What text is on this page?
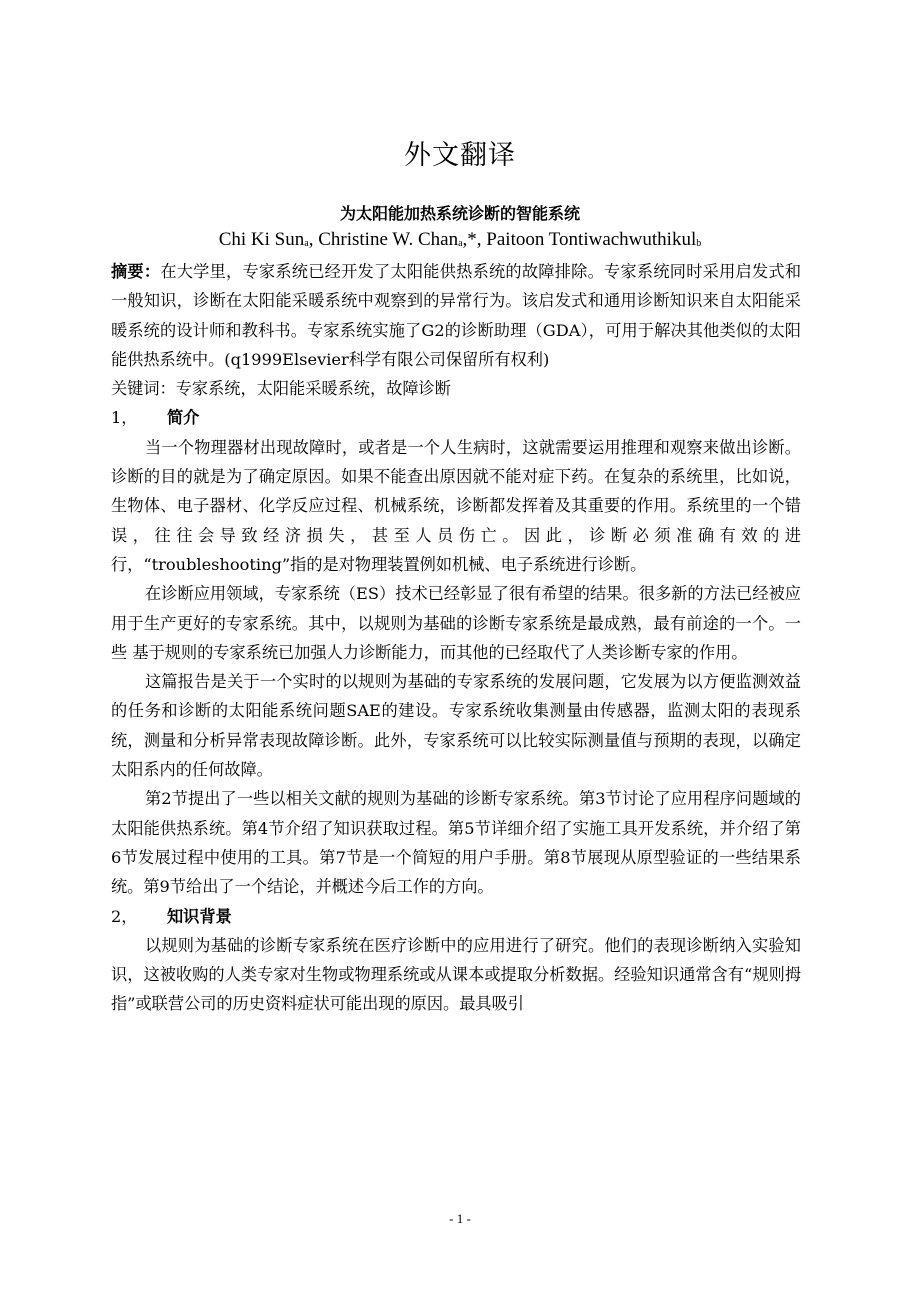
外文翻译
为太阳能加热系统诊断的智能系统
Chi Ki Sun$_a$, Christine W. Chan$_a$,*, Paitoon Tontiwachwuthikul$_b$

摘要：在大学里，专家系统已经开发了太阳能供热系统的故障排除。专家系统同时采用启发式和一般知识，诊断在太阳能采暖系统中观察到的异常行为。该启发式和通用诊断知识来自太阳能采暖系统的设计师和教科书。专家系统实施了G2的诊断助理（GDA），可用于解决其他类似的太阳能供热系统中。(q1999Elsevier科学有限公司保留所有权利)

关键词：专家系统，太阳能采暖系统，故障诊断

1， 简介

当一个物理器材出现故障时，或者是一个人生病时，这就需要运用推理和观察来做出诊断。诊断的目的就是为了确定原因。如果不能查出原因就不能对症下药。在复杂的系统里，比如说，生物体、电子器材、化学反应过程、机械系统，诊断都发挥着及其重要的作用。系统里的一个错误，往往会导致经济损失，甚至人员伤亡。因此，诊断必须准确有效的进行，“troubleshooting”指的是对物理装置例如机械、电子系统进行诊断。

在诊断应用领域，专家系统（ES）技术已经彰显了很有希望的结果。很多新的方法已经被应用于生产更好的专家系统。其中，以规则为基础的诊断专家系统是最成熟，最有前途的一个。一些 基于规则的专家系统已加强人力诊断能力，而其他的已经取代了人类诊断专家的作用。

这篇报告是关于一个实时的以规则为基础的专家系统的发展问题，它发展为以方便监测效益的任务和诊断的太阳能系统问题SAE的建设。专家系统收集测量由传感器，监测太阳的表现系统，测量和分析异常表现故障诊断。此外，专家系统可以比较实际测量值与预期的表现，以确定太阳系内的任何故障。

第2节提出了一些以相关文献的规则为基础的诊断专家系统。第3节讨论了应用程序问题域的太阳能供热系统。第4节介绍了知识获取过程。第5节详细介绍了实施工具开发系统，并介绍了第6节发展过程中使用的工具。第7节是一个简短的用户手册。第8节展现从原型验证的一些结果系统。第9节给出了一个结论，并概述今后工作的方向。

2， 知识背景

以规则为基础的诊断专家系统在医疗诊断中的应用进行了研究。他们的表现诊断纳入实验知识，这被收购的人类专家对生物或物理系统或从课本或提取分析数据。经验知识通常含有“规则拇指”或联营公司的历史资料症状可能出现的原因。最具吸引

- 1 -
